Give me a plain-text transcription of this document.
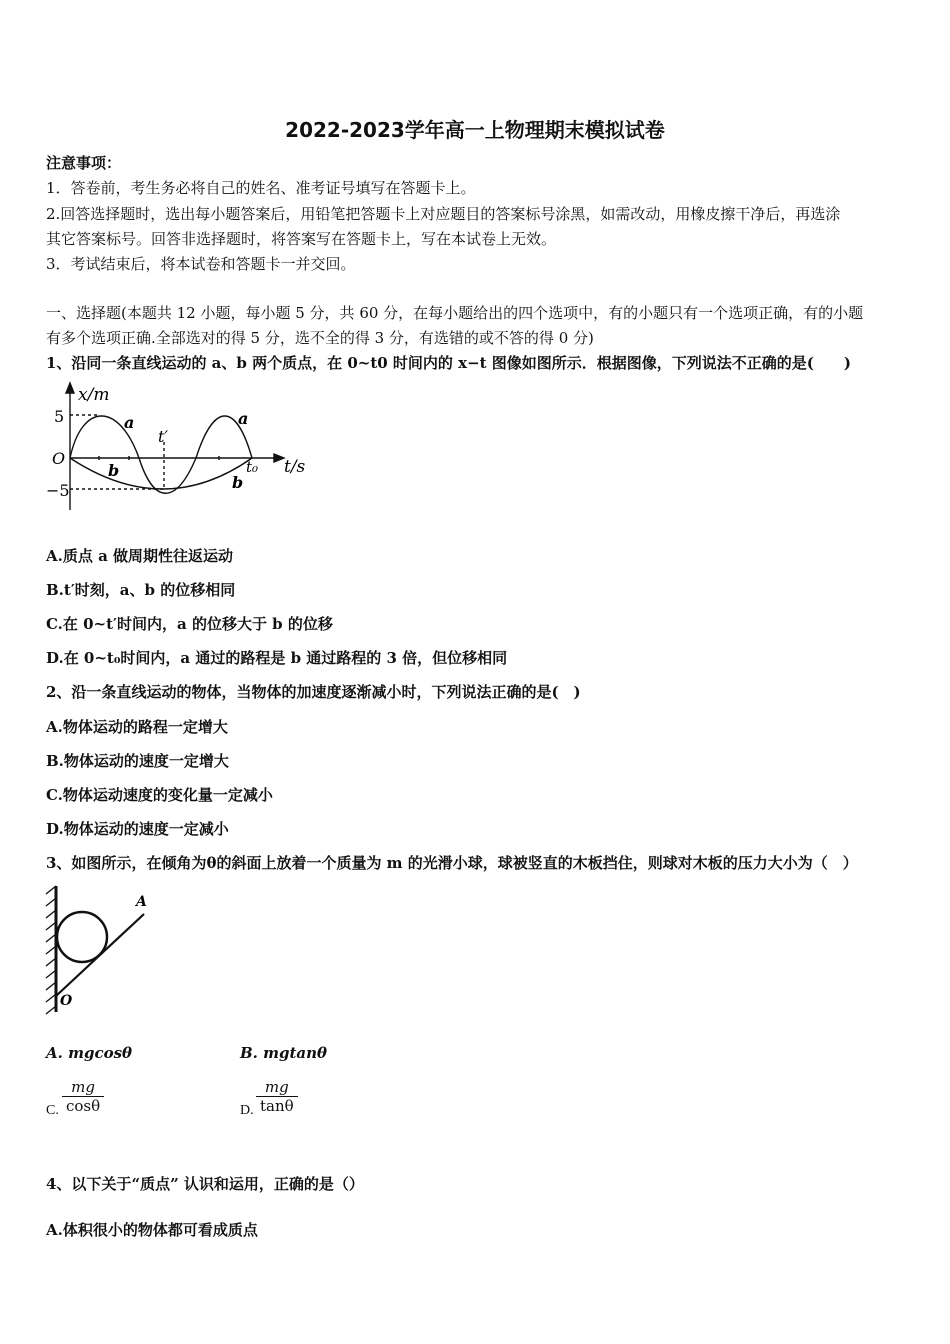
2022-2023学年高一上物理期末模拟试卷
注意事项：
1．答卷前，考生务必将自己的姓名、准考证号填写在答题卡上。
2.回答选择题时，选出每小题答案后，用铅笔把答题卡上对应题目的答案标号涂黑，如需改动，用橡皮擦干净后，再选涂
其它答案标号。回答非选择题时，将答案写在答题卡上，写在本试卷上无效。
3．考试结束后，将本试卷和答题卡一并交回。
一、选择题(本题共 12 小题，每小题 5 分，共 60 分，在每小题给出的四个选项中，有的小题只有一个选项正确，有的小题
有多个选项正确.全部选对的得 5 分，选不全的得 3 分，有选错的或不答的得 0 分)
1、沿同一条直线运动的 a、b 两个质点，在 0~t0 时间内的 x−t 图像如图所示．根据图像，下列说法不正确的是(　　)
x/m
t/s
5
−5
O
t′
t₀
a	a
b
b
A.质点 a 做周期性往返运动
B.t′时刻，a、b 的位移相同
C.在 0~t′时间内，a 的位移大于 b 的位移
D.在 0~t₀时间内，a 通过的路程是 b 通过路程的 3 倍，但位移相同
2、沿一条直线运动的物体，当物体的加速度逐渐减小时，下列说法正确的是(　)
A.物体运动的路程一定增大
B.物体运动的速度一定增大
C.物体运动速度的变化量一定减小
D.物体运动的速度一定减小
3、如图所示，在倾角为θ的斜面上放着一个质量为 m 的光滑小球，球被竖直的木板挡住，则球对木板的压力大小为（　）
A
O
A. mgcosθ	B. mgtanθ
C. $\frac{mg}{\cos\theta}$	D. $\frac{mg}{\tan\theta}$
4、以下关于“质点” 认识和运用，正确的是（）
A.体积很小的物体都可看成质点
